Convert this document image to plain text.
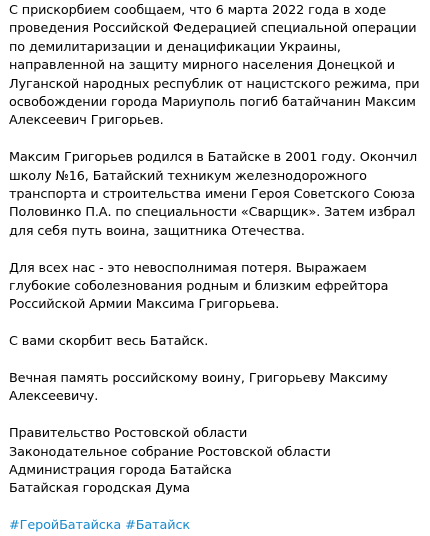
С прискорбием сообщаем, что 6 марта 2022 года в ходе проведения Российской Федерацией специальной операции по демилитаризации и денацификации Украины, направленной на защиту мирного населения Донецкой и Луганской народных республик от нацистского режима, при освобождении города Мариуполь погиб батайчанин Максим Алексеевич Григорьев.

Максим Григорьев родился в Батайске в 2001 году. Окончил школу №16, Батайский техникум железнодорожного транспорта и строительства имени Героя Советского Союза Половинко П.А. по специальности «Сварщик». Затем избрал для себя путь воина, защитника Отечества.

Для всех нас - это невосполнимая потеря. Выражаем глубокие соболезнования родным и близким ефрейтора Российской Армии Максима Григорьева.

С вами скорбит весь Батайск.

Вечная память российскому воину, Григорьеву Максиму Алексеевичу.

Правительство Ростовской области
Законодательное собрание Ростовской области
Администрация города Батайска
Батайская городская Дума

#ГеройБатайска #Батайск
